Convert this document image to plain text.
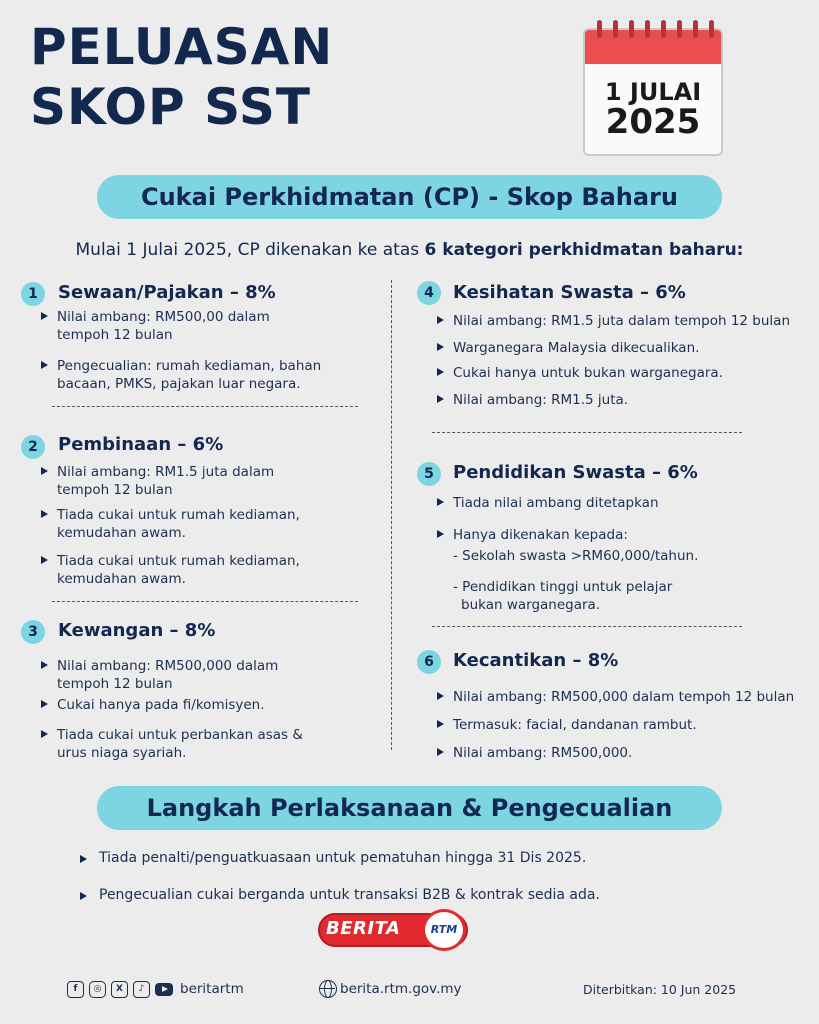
PELUASAN
SKOP SST	1 JULAI
2025
Cukai Perkhidmatan (CP) - Skop Baharu
Mulai 1 Julai 2025, CP dikenakan ke atas 6 kategori perkhidmatan baharu:
1	Sewaan/Pajakan – 8%
Nilai ambang: RM500,00 dalam tempoh 12 bulan
Pengecualian: rumah kediaman, bahan bacaan, PMKS, pajakan luar negara.
2	Pembinaan – 6%
Nilai ambang: RM1.5 juta dalam tempoh 12 bulan
Tiada cukai untuk rumah kediaman, kemudahan awam.
Tiada cukai untuk rumah kediaman, kemudahan awam.
3	Kewangan – 8%
Nilai ambang: RM500,000 dalam tempoh 12 bulan
Cukai hanya pada fi/komisyen.
Tiada cukai untuk perbankan asas & urus niaga syariah.
4	Kesihatan Swasta – 6%
Nilai ambang: RM1.5 juta dalam tempoh 12 bulan
Warganegara Malaysia dikecualikan.
Cukai hanya untuk bukan warganegara.
Nilai ambang: RM1.5 juta.
5	Pendidikan Swasta – 6%
Tiada nilai ambang ditetapkan
Hanya dikenakan kepada:
- Sekolah swasta >RM60,000/tahun.
- Pendidikan tinggi untuk pelajar
bukan warganegara.
6	Kecantikan – 8%
Nilai ambang: RM500,000 dalam tempoh 12 bulan
Termasuk: facial, dandanan rambut.
Nilai ambang: RM500,000.
Langkah Perlaksanaan & Pengecualian
Tiada penalti/penguatkuasaan untuk pematuhan hingga 31 Dis 2025.
Pengecualian cukai berganda untuk transaksi B2B & kontrak sedia ada.
BERITA	RTM
f	◎	X	♪	beritartm	berita.rtm.gov.my	Diterbitkan: 10 Jun 2025
